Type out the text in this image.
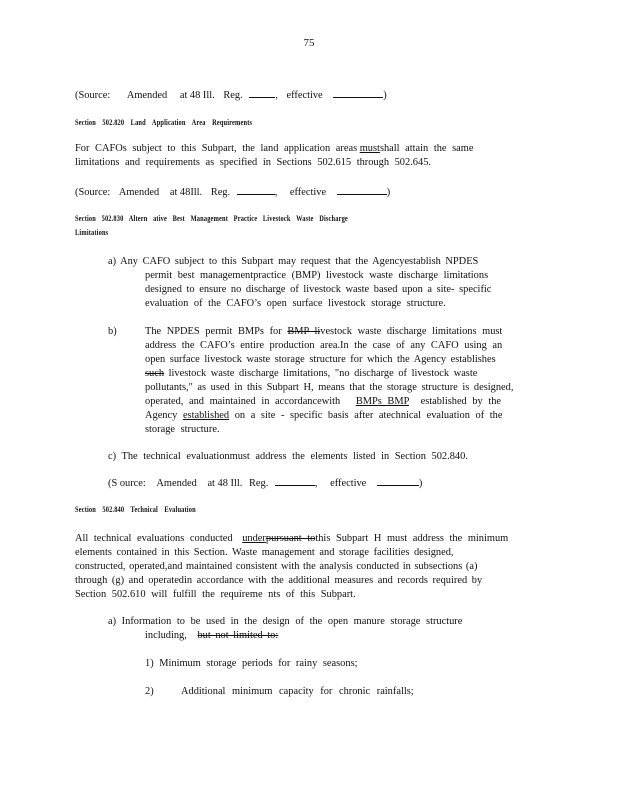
75
(Source: Amended at 48 Ill. Reg.	, effective	)
Section 502.820 Land Application Area Requirements
For CAFOs subject to this Subpart, the land application areas mustshall attain the same
limitations and requirements as specified in Sections 502.615 through 502.645.
(Source: Amended at 48Ill. Reg.	, effective	)
Section 502.830 Altern ative Best Management Practice Livestock Waste Discharge
Limitations
a) Any CAFO subject to this Subpart may request that the Agencyestablish NPDES
permit best managementpractice (BMP) livestock waste discharge limitations
designed to ensure no discharge of livestock waste based upon a site- specific
evaluation of the CAFO’s open surface livestock storage structure.
b)	The NPDES permit BMPs for BMP livestock waste discharge limitations must
address the CAFO’s entire production area.In the case of any CAFO using an
open surface livestock waste storage structure for which the Agency establishes
such livestock waste discharge limitations, "no discharge of livestock waste
pollutants," as used in this Subpart H, means that the storage structure is designed,
operated, and maintained in accordancewith BMPs BMP established by the
Agency established on a site - specific basis after atechnical evaluation of the
storage structure.
c) The technical evaluationmust address the elements listed in Section 502.840.
(S ource: Amended at 48 Ill. Reg.	, effective	)
Section 502.840 Technical Evaluation
All technical evaluations conducted underpursuant tothis Subpart H must address the minimum
elements contained in this Section. Waste management and storage facilities designed,
constructed, operated,and maintained consistent with the analysis conducted in subsections (a)
through (g) and operatedin accordance with the additional measures and records required by
Section 502.610 will fulfill the requireme nts of this Subpart.
a) Information to be used in the design of the open manure storage structure
including, but not limited to:
1) Minimum storage periods for rainy seasons;
2)	Additional minimum capacity for chronic rainfalls;
